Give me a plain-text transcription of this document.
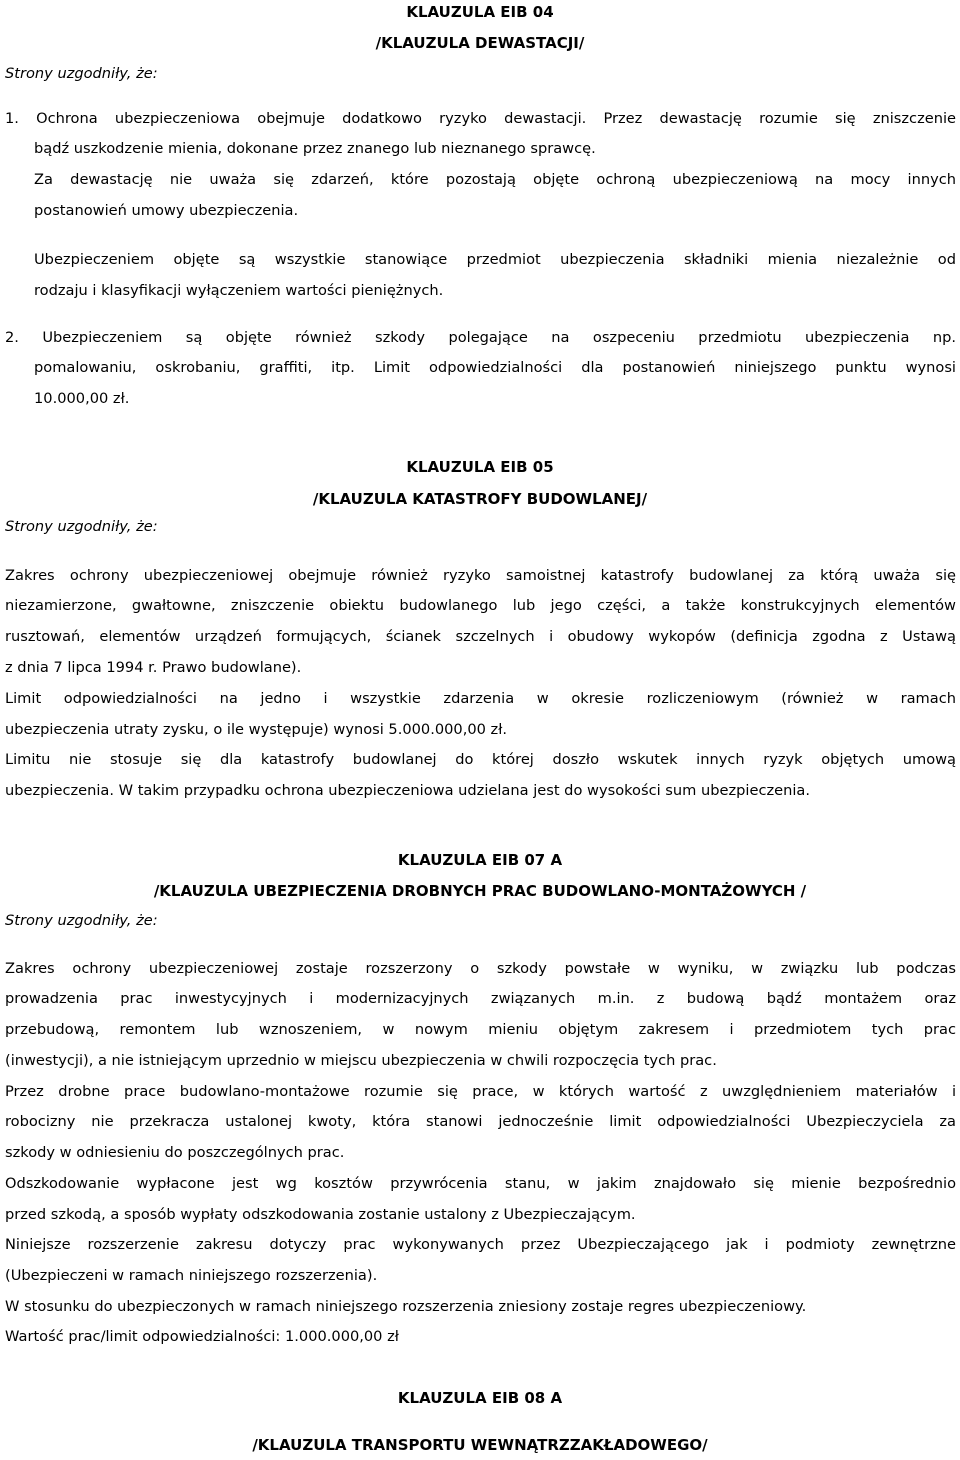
KLAUZULA EIB 04
/KLAUZULA DEWASTACJI/
Strony uzgodniły, że:
1. Ochrona ubezpieczeniowa obejmuje dodatkowo ryzyko dewastacji. Przez dewastację rozumie się zniszczenie
bądź uszkodzenie mienia, dokonane przez znanego lub nieznanego sprawcę.
Za dewastację nie uważa się zdarzeń, które pozostają objęte ochroną ubezpieczeniową na mocy innych
postanowień umowy ubezpieczenia.
Ubezpieczeniem objęte są wszystkie stanowiące przedmiot ubezpieczenia składniki mienia niezależnie od
rodzaju i klasyfikacji wyłączeniem wartości pieniężnych.
2. Ubezpieczeniem są objęte również szkody polegające na oszpeceniu przedmiotu ubezpieczenia np.
pomalowaniu, oskrobaniu, graffiti, itp. Limit odpowiedzialności dla postanowień niniejszego punktu wynosi
10.000,00 zł.
KLAUZULA EIB 05
/KLAUZULA KATASTROFY BUDOWLANEJ/
Strony uzgodniły, że:
Zakres ochrony ubezpieczeniowej obejmuje również ryzyko samoistnej katastrofy budowlanej za którą uważa się
niezamierzone, gwałtowne, zniszczenie obiektu budowlanego lub jego części, a także konstrukcyjnych elementów
rusztowań, elementów urządzeń formujących, ścianek szczelnych i obudowy wykopów (definicja zgodna z Ustawą
z dnia 7 lipca 1994 r. Prawo budowlane).
Limit odpowiedzialności na jedno i wszystkie zdarzenia w okresie rozliczeniowym (również w ramach
ubezpieczenia utraty zysku, o ile występuje) wynosi 5.000.000,00 zł.
Limitu nie stosuje się dla katastrofy budowlanej do której doszło wskutek innych ryzyk objętych umową
ubezpieczenia. W takim przypadku ochrona ubezpieczeniowa udzielana jest do wysokości sum ubezpieczenia.
KLAUZULA EIB 07 A
/KLAUZULA UBEZPIECZENIA DROBNYCH PRAC BUDOWLANO-MONTAŻOWYCH /
Strony uzgodniły, że:
Zakres ochrony ubezpieczeniowej zostaje rozszerzony o szkody powstałe w wyniku, w związku lub podczas
prowadzenia prac inwestycyjnych i modernizacyjnych związanych m.in. z budową bądź montażem oraz
przebudową, remontem lub wznoszeniem, w nowym mieniu objętym zakresem i przedmiotem tych prac
(inwestycji), a nie istniejącym uprzednio w miejscu ubezpieczenia w chwili rozpoczęcia tych prac.
Przez drobne prace budowlano-montażowe rozumie się prace, w których wartość z uwzględnieniem materiałów i
robocizny nie przekracza ustalonej kwoty, która stanowi jednocześnie limit odpowiedzialności Ubezpieczyciela za
szkody w odniesieniu do poszczególnych prac.
Odszkodowanie wypłacone jest wg kosztów przywrócenia stanu, w jakim znajdowało się mienie bezpośrednio
przed szkodą, a sposób wypłaty odszkodowania zostanie ustalony z Ubezpieczającym.
Niniejsze rozszerzenie zakresu dotyczy prac wykonywanych przez Ubezpieczającego jak i podmioty zewnętrzne
(Ubezpieczeni w ramach niniejszego rozszerzenia).
W stosunku do ubezpieczonych w ramach niniejszego rozszerzenia zniesiony zostaje regres ubezpieczeniowy.
Wartość prac/limit odpowiedzialności: 1.000.000,00 zł
KLAUZULA EIB 08 A
/KLAUZULA TRANSPORTU WEWNĄTRZZAKŁADOWEGO/
